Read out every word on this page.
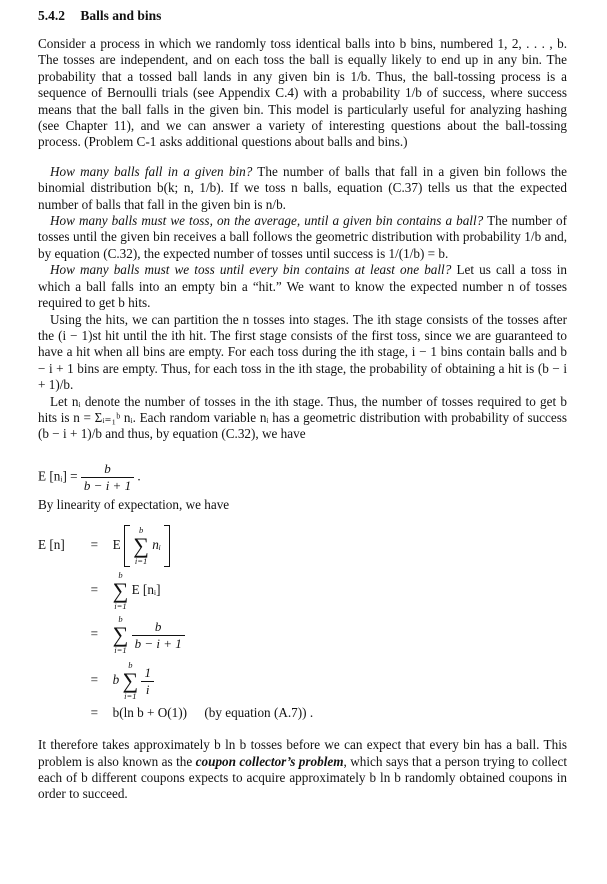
5.4.2 Balls and bins

Consider a process in which we randomly toss identical balls into b bins, numbered 1, 2, . . . , b. The tosses are independent, and on each toss the ball is equally likely to end up in any bin. The probability that a tossed ball lands in any given bin is 1/b. Thus, the ball-tossing process is a sequence of Bernoulli trials (see Appendix C.4) with a probability 1/b of success, where success means that the ball falls in the given bin. This model is particularly useful for analyzing hashing (see Chapter 11), and we can answer a variety of interesting questions about the ball-tossing process. (Problem C-1 asks additional questions about balls and bins.)

How many balls fall in a given bin? The number of balls that fall in a given bin follows the binomial distribution b(k; n, 1/b). If we toss n balls, equation (C.37) tells us that the expected number of balls that fall in the given bin is n/b.

How many balls must we toss, on the average, until a given bin contains a ball? The number of tosses until the given bin receives a ball follows the geometric distribution with probability 1/b and, by equation (C.32), the expected number of tosses until success is 1/(1/b) = b.

How many balls must we toss until every bin contains at least one ball? Let us call a toss in which a ball falls into an empty bin a “hit.” We want to know the expected number n of tosses required to get b hits.

Using the hits, we can partition the n tosses into stages. The ith stage consists of the tosses after the (i − 1)st hit until the ith hit. The first stage consists of the first toss, since we are guaranteed to have a hit when all bins are empty. For each toss during the ith stage, i − 1 bins contain balls and b − i + 1 bins are empty. Thus, for each toss in the ith stage, the probability of obtaining a hit is (b − i + 1)/b.

Let nᵢ denote the number of tosses in the ith stage. Thus, the number of tosses required to get b hits is n = Σᵢ₌₁ᵇ nᵢ. Each random variable nᵢ has a geometric distribution with probability of success (b − i + 1)/b and thus, by equation (C.32), we have

E [nᵢ] = $\frac{b}{b - i + 1}$ .

By linearity of expectation, we have

E [n] = E
b
∑
i=1
nᵢ
=
b
∑
i=1
E [nᵢ]
=
b
∑
i=1
$\frac{b}{b - i + 1}$
= b
b
∑
i=1
$\frac{1}{i}$
= b(ln b + O(1)) (by equation (A.7)) .

It therefore takes approximately b ln b tosses before we can expect that every bin has a ball. This problem is also known as the coupon collector’s problem, which says that a person trying to collect each of b different coupons expects to acquire approximately b ln b randomly obtained coupons in order to succeed.
